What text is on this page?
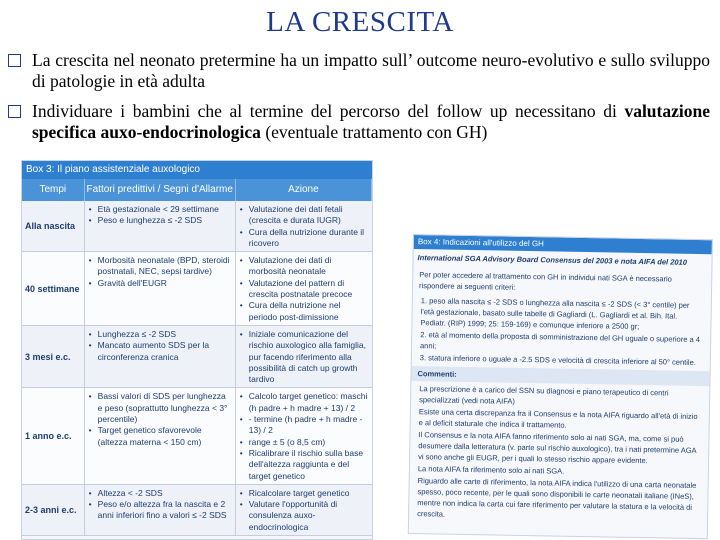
LA CRESCITA
La crescita nel neonato pretermine ha un impatto sull’ outcome neuro-evolutivo e sullo sviluppo di patologie in età adulta
Individuare i bambini che al termine del percorso del follow up necessitano di valutazione specifica auxo-endocrinologica (eventuale trattamento con GH)
Box 3: Il piano assistenziale auxologico
Tempi	Fattori predittivi / Segni d'Allarme	Azione
Alla nascita
• Età gestazionale < 29 settimane
• Peso e lunghezza ≤ -2 SDS
• Valutazione dei dati fetali (crescita e durata IUGR)
• Cura della nutrizione durante il ricovero
40 settimane
• Morbosità neonatale (BPD, steroidi postnatali, NEC, sepsi tardive)
• Gravità dell'EUGR
• Valutazione dei dati di morbosità neonatale
• Valutazione del pattern di crescita postnatale precoce
• Cura della nutrizione nel periodo post-dimissione
3 mesi e.c.
• Lunghezza ≤ -2 SDS
• Mancato aumento SDS per la circonferenza cranica
• Iniziale comunicazione del rischio auxologico alla famiglia, pur facendo riferimento alla possibilità di catch up growth tardivo
1 anno e.c.
• Bassi valori di SDS per lunghezza e peso (soprattutto lunghezza < 3° percentile)
• Target genetico sfavorevole (altezza materna < 150 cm)
• Calcolo target genetico: maschi (h padre + h madre + 13) / 2
• - termine (h padre + h madre - 13) / 2
• range ± 5 (o 8,5 cm)
• Ricalibrare il rischio sulla base dell'altezza raggiunta e del target genetico
2-3 anni e.c.
• Altezza < -2 SDS
• Peso e/o altezza fra la nascita e 2 anni inferiori fino a valori ≤ -2 SDS
• Ricalcolare target genetico
• Valutare l'opportunità di consulenza auxo-endocrinologica
Box 4: Indicazioni all'utilizzo del GH
International SGA Advisory Board Consensus del 2003 e nota AIFA del 2010
Per poter accedere al trattamento con GH in individui nati SGA è necessario rispondere ai seguenti criteri:
1. peso alla nascita ≤ -2 SDS o lunghezza alla nascita ≤ -2 SDS (< 3° centile) per l'età gestazionale, basato sulle tabelle di Gagliardi (L. Gagliardi et al. Bih. Ital. Pediatr. (RIP) 1999; 25: 159-169) e comunque inferiore a 2500 gr;
2. età al momento della proposta di somministrazione del GH uguale o superiore a 4 anni;
3. statura inferiore o uguale a -2.5 SDS e velocità di crescita inferiore al 50° centile.
Commenti:
La prescrizione è a carico del SSN su diagnosi e piano terapeutico di centri specializzati (vedi nota AIFA)
Esiste una certa discrepanza fra il Consensus e la nota AIFA riguardo all'età di inizio e al deficit staturale che indica il trattamento.
Il Consensus e la nota AIFA fanno riferimento solo ai nati SGA, ma, come si può desumere dalla letteratura (v. parte sul rischio auxologico), tra i nati pretermine AGA vi sono anche gli EUGR, per i quali lo stesso rischio appare evidente.
La nota AIFA fa riferimento solo ai nati SGA.
Riguardo alle carte di riferimento, la nota AIFA indica l'utilizzo di una carta neonatale spesso, poco recente, per le quali sono disponibili le carte neonatali italiane (INeS), mentre non indica la carta cui fare riferimento per valutare la statura e la velocità di crescita.
